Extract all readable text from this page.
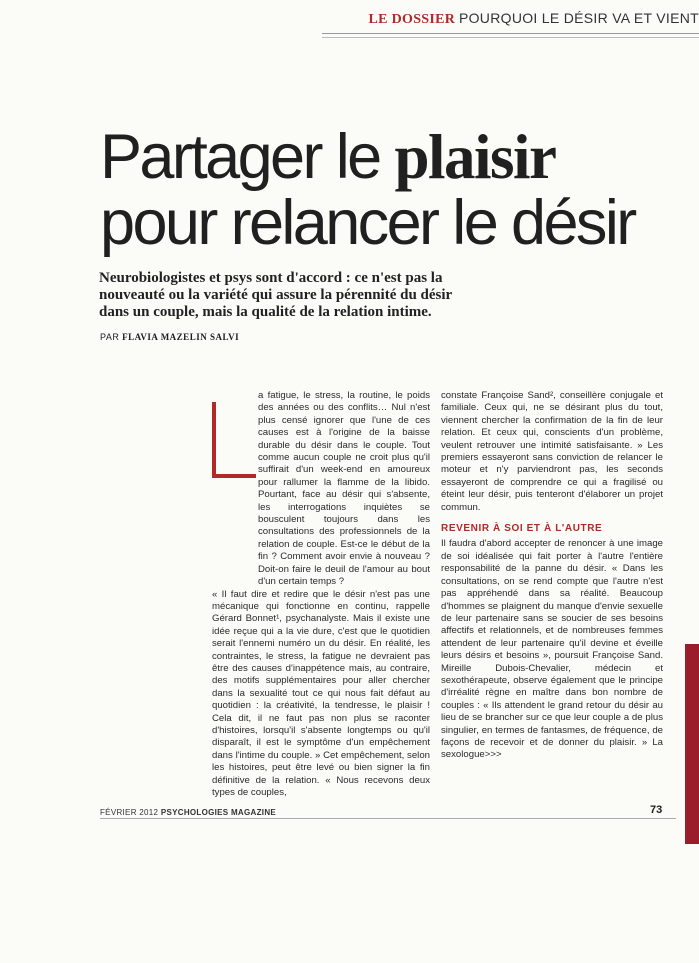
LE DOSSIER POURQUOI LE DÉSIR VA ET VIENT
Partager le plaisir
pour relancer le désir
Neurobiologistes et psys sont d'accord : ce n'est pas la nouveauté ou la variété qui assure la pérennité du désir dans un couple, mais la qualité de la relation intime.
PAR FLAVIA MAZELIN SALVI

a fatigue, le stress, la routine, le poids des années ou des conflits… Nul n'est plus censé ignorer que l'une de ces causes est à l'origine de la baisse durable du désir dans le couple. Tout comme aucun couple ne croit plus qu'il suffirait d'un week-end en amoureux pour rallumer la flamme de la libido. Pourtant, face au désir qui s'absente, les interrogations inquiètes se bousculent toujours dans les consultations des professionnels de la relation de couple. Est-ce le début de la fin ? Comment avoir envie à nouveau ? Doit-on faire le deuil de l'amour au bout d'un certain temps ?

« Il faut dire et redire que le désir n'est pas une mécanique qui fonctionne en continu, rappelle Gérard Bonnet¹, psychanalyste. Mais il existe une idée reçue qui a la vie dure, c'est que le quotidien serait l'ennemi numéro un du désir. En réalité, les contraintes, le stress, la fatigue ne devraient pas être des causes d'inappétence mais, au contraire, des motifs supplémentaires pour aller chercher dans la sexualité tout ce qui nous fait défaut au quotidien : la créativité, la tendresse, le plaisir ! Cela dit, il ne faut pas non plus se raconter d'histoires, lorsqu'il s'absente longtemps ou qu'il disparaît, il est le symptôme d'un empêchement dans l'intime du couple. » Cet empêchement, selon les histoires, peut être levé ou bien signer la fin définitive de la relation. « Nous recevons deux types de couples,

constate Françoise Sand², conseillère conjugale et familiale. Ceux qui, ne se désirant plus du tout, viennent chercher la confirmation de la fin de leur relation. Et ceux qui, conscients d'un problème, veulent retrouver une intimité satisfaisante. » Les premiers essayeront sans conviction de relancer le moteur et n'y parviendront pas, les seconds essayeront de comprendre ce qui a fragilisé ou éteint leur désir, puis tenteront d'élaborer un projet commun.

REVENIR À SOI ET À L'AUTRE

Il faudra d'abord accepter de renoncer à une image de soi idéalisée qui fait porter à l'autre l'entière responsabilité de la panne du désir. « Dans les consultations, on se rend compte que l'autre n'est pas appréhendé dans sa réalité. Beaucoup d'hommes se plaignent du manque d'envie sexuelle de leur partenaire sans se soucier de ses besoins affectifs et relationnels, et de nombreuses femmes attendent de leur partenaire qu'il devine et éveille leurs désirs et besoins », poursuit Françoise Sand. Mireille Dubois-Chevalier, médecin et sexothérapeute, observe également que le principe d'irréalité règne en maître dans bon nombre de couples : « Ils attendent le grand retour du désir au lieu de se brancher sur ce que leur couple a de plus singulier, en termes de fantasmes, de fréquence, de façons de recevoir et de donner du plaisir. » La sexologue>>>

FÉVRIER 2012 PSYCHOLOGIES MAGAZINE	73
